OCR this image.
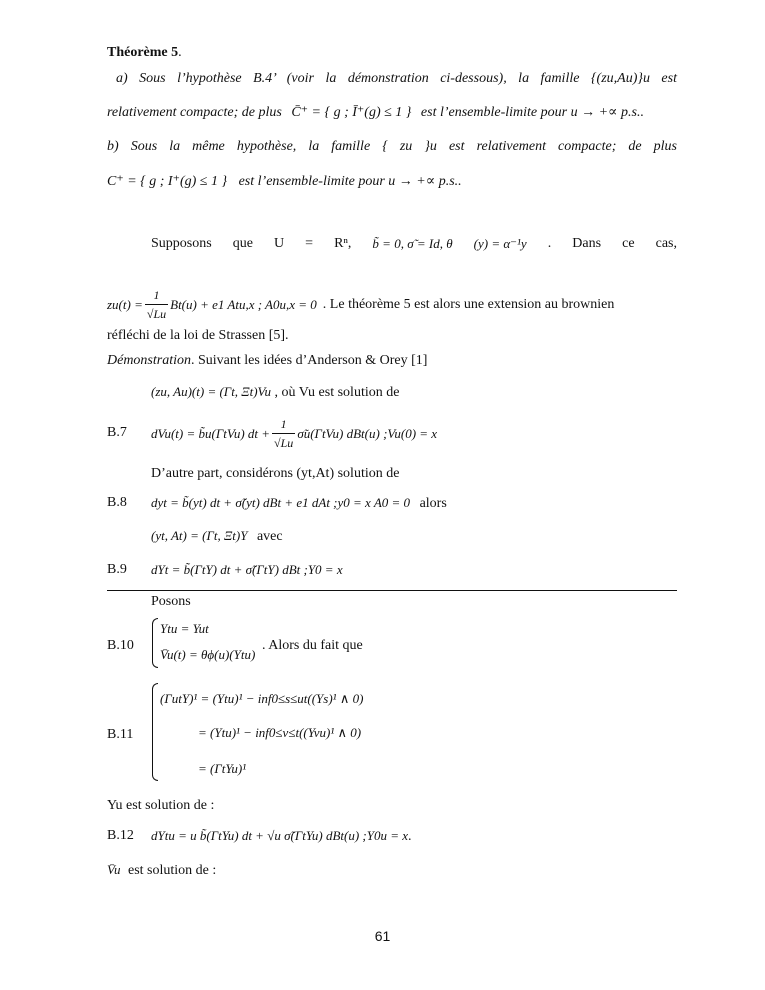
Théorème 5.
a) Sous l’hypothèse B.4’ (voir la démonstration ci-dessous), la famille {(zu,Au)}u est
relativement compacte; de plus C̄⁺ = { g ; Ī⁺(g) ≤ 1 } est l’ensemble-limite pour u → +∝ p.s..
b) Sous la même hypothèse, la famille { zu }u est relativement compacte; de plus
C⁺ = { g ; I⁺(g) ≤ 1 } est l’ensemble-limite pour u → +∝ p.s..
Supposons que U = Rⁿ, b̃ = 0, σ̃ = Id, θ (y) = α⁻¹y . Dans ce cas,
$zu(t) = \frac{1}{√Lu} Bt(u) + e1$ Atu,x ; A0u,x = 0 . Le théorème 5 est alors une extension au brownien
réfléchi de la loi de Strassen [5].
Démonstration. Suivant les idées d’Anderson & Orey [1]
(zu, Au)(t) = (Γt, Ξt)Vu , où Vu est solution de
B.7	dVu(t) = b̃u(ΓtVu) dt + $\frac{1}{√Lu}$ σ̃u(ΓtVu) dBt(u) ;Vu(0) = x
D’autre part, considérons (yt,At) solution de
B.8	dyt = b̃(yt) dt + σ̃(yt) dBt + e1 dAt ;y0 = x A0 = 0 alors
(yt, At) = (Γt, Ξt)Y avec
B.9	dYt = b̃(ΓtY) dt + σ̃(ΓtY) dBt ;Y0 = x
Posons
B.10
Ytu = Yut
V̄u(t) = θϕ(u)(Ytu)
. Alors du fait que
B.11
(ΓutY)¹ = (Ytu)¹ − inf0≤s≤ut((Ys)¹ ∧ 0)
= (Ytu)¹ − inf0≤v≤t((Yvu)¹ ∧ 0)
= (ΓtYu)¹
Yu est solution de :
B.12	dYtu = u b̃(ΓtYu) dt + √u σ̃(ΓtYu) dBt(u) ;Y0u = x.
V̄u est solution de :
61
